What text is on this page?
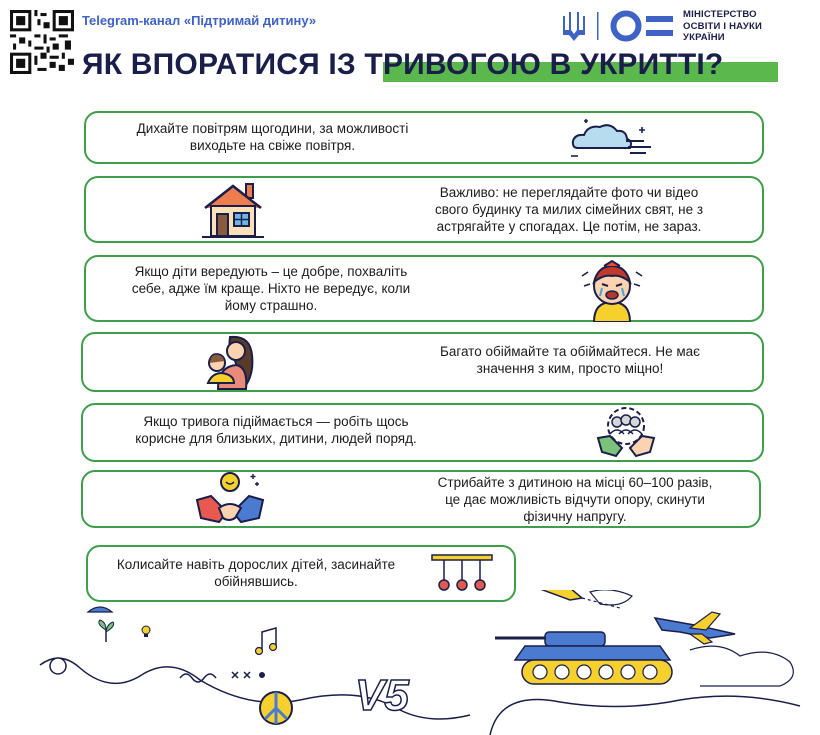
Telegram-канал «Підтримай дитину»
ЯК ВПОРАТИСЯ ІЗ ТРИВОГОЮ В УКРИТТІ?
МІНІСТЕРСТВО
ОСВІТИ І НАУКИ
УКРАЇНИ
Дихайте повітрям щогодини, за можливості
виходьте на свіже повітря.
Важливо: не переглядайте фото чи відео
свого будинку та милих сімейних свят, не з
астрягайте у спогадах. Це потім, не зараз.
Якщо діти вередують – це добре, похваліть
себе, адже їм краще. Ніхто не вередує, коли
йому страшно.
Багато обіймайте та обіймайтеся. Не має
значення з ким, просто міцно!
Якщо тривога підіймається — робіть щось
корисне для близьких, дитини, людей поряд.
Стрибайте з дитиною на місці 60–100 разів,
це дає можливість відчути опору, скинути
фізичну напругу.
Колисайте навіть дорослих дітей, засинайте
обійнявшись.
V5
